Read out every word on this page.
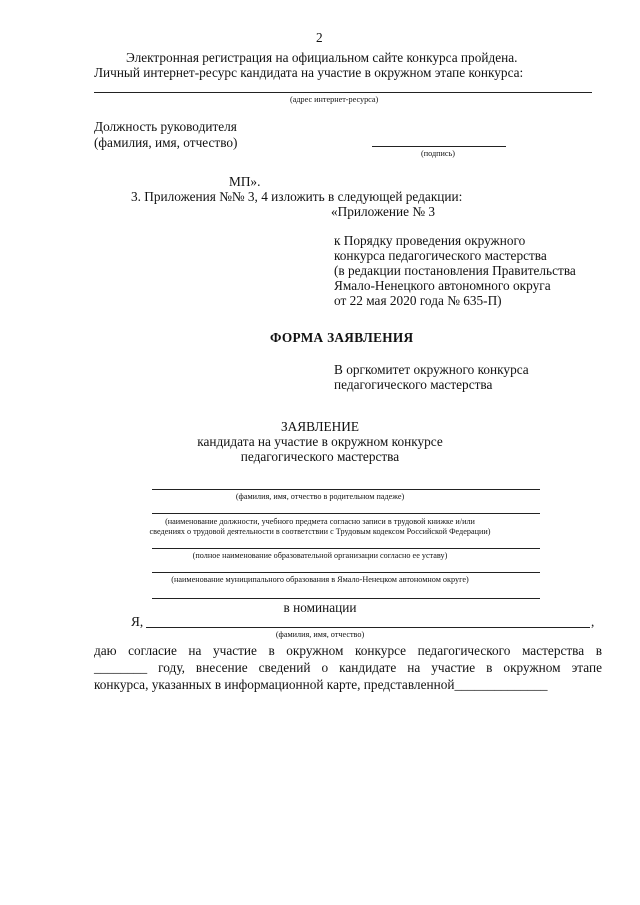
2
Электронная регистрация на официальном сайте конкурса пройдена.
Личный интернет-ресурс кандидата на участие в окружном этапе конкурса:
(адрес интернет-ресурса)
Должность руководителя
(фамилия, имя, отчество)
(подпись)
МП».
3. Приложения №№ 3, 4 изложить в следующей редакции:
«Приложение № 3
к Порядку проведения окружного
конкурса педагогического мастерства
(в редакции постановления Правительства
Ямало-Ненецкого автономного округа
от 22 мая 2020 года № 635-П)
ФОРМА ЗАЯВЛЕНИЯ
В оргкомитет окружного конкурса
педагогического мастерства
ЗАЯВЛЕНИЕ
кандидата на участие в окружном конкурсе
педагогического мастерства
(фамилия, имя, отчество в родительном падеже)
(наименование должности, учебного предмета согласно записи в трудовой книжке и/или
сведениях о трудовой деятельности в соответствии с Трудовым кодексом Российской Федерации)
(полное наименование образовательной организации согласно ее уставу)
(наименование муниципального образования в Ямало-Ненецком автономном округе)
в номинации
Я,	,
(фамилия, имя, отчество)
даю согласие на участие в окружном конкурсе педагогического мастерства в
________ году, внесение сведений о кандидате на участие в окружном этапе
конкурса, указанных в информационной карте, представленной______________
